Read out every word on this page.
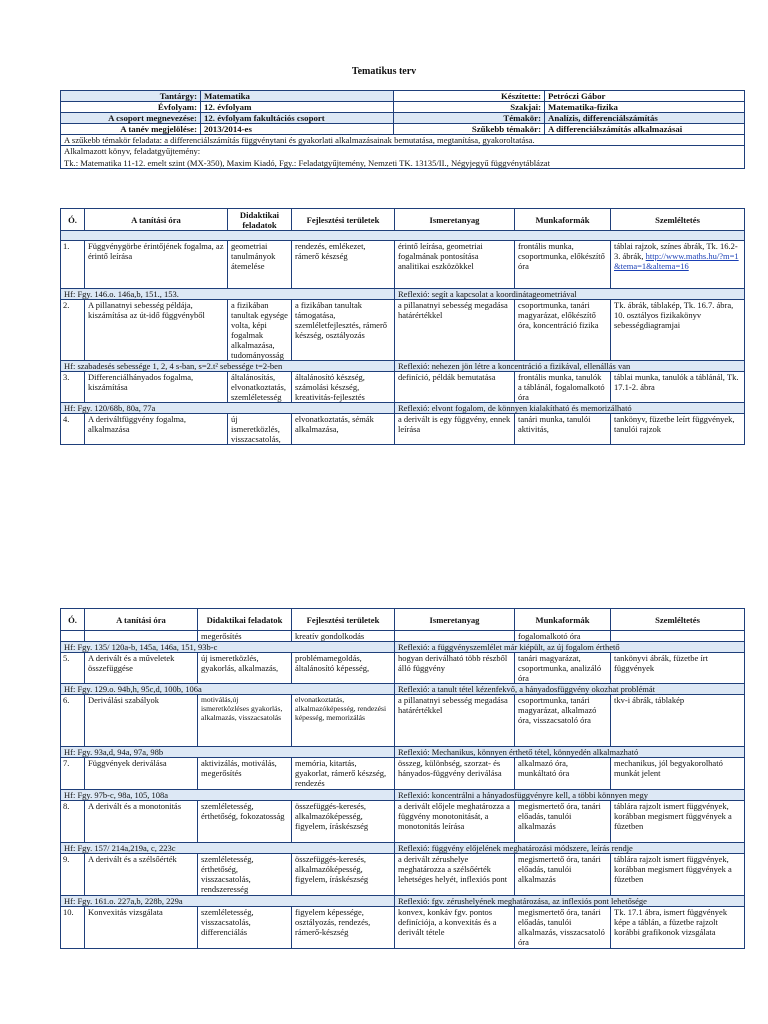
Tematikus terv
Tantárgy:	Matematika	Készítette:	Petróczi Gábor
Évfolyam:	12. évfolyam	Szakjai:	Matematika-fizika
A csoport megnevezése:	12. évfolyam fakultációs csoport	Témakör:	Analízis, differenciálszámítás
A tanév megjelölése:	2013/2014-es	Szűkebb témakör:	A differenciálszámítás alkalmazásai
A szűkebb témakör feladata: a differenciálszámítás függvénytani és gyakorlati alkalmazásainak bemutatása, megtanítása, gyakoroltatása.			

Alkalmazott könyv, feladatgyűjtemény:
Tk.: Matematika 11-12. emelt szint (MX-350), Maxim Kiadó, Fgy.: Feladatgyűjtemény, Nemzeti TK. 13135/II., Négyjegyű függvénytáblázat			
Ó.	A tanítási óra	Didaktikai feladatok	Fejlesztési területek	Ismeretanyag	Munkaformák	Szemléltetés

1.	Függvénygörbe érintőjének fogalma, az érintő leírása	geometriai tanulmányok átemelése	rendezés, emlékezet, rámerő készség	érintő leírása, geometriai fogalmának pontosítása analitikai eszközökkel	frontális munka, csoportmunka, előkészítő óra	táblai rajzok, színes ábrák, Tk. 16.2-3. ábrák, http://www.maths.hu/?m=1&tema=1&altema=16
Hf: Fgy. 146.o. 146a,b, 151., 153.				Reflexió: segít a kapcsolat a koordinátageometriával		
2.	A pillanatnyi sebesség példája, kiszámítása az út-idő függvényből	a fizikában tanultak egysége volta, képi fogalmak alkalmazása, tudományosság	a fizikában tanultak támogatása, szemléletfejlesztés, rámerő készség, osztályozás	a pillanatnyi sebesség megadása határértékkel	csoportmunka, tanári magyarázat, előkészítő óra, koncentráció fizika	Tk. ábrák, táblakép, Tk. 16.7. ábra, 10. osztályos fizikakönyv sebességdiagramjai
Hf: szabadesés sebessége 1, 2, 4 s-ban, s=2.t² sebessége t=2-ben				Reflexió: nehezen jön létre a koncentráció a fizikával, ellenállás van		
3.	Differenciálhányados fogalma, kiszámítása	általánosítás, elvonatkoztatás, szemléletesség	általánosító készség, számolási készség, kreativitás-fejlesztés	definíció, példák bemutatása	frontális munka, tanulók a táblánál, fogalomalkotó óra	táblai munka, tanulók a táblánál, Tk. 17.1-2. ábra
Hf: Fgy. 120/68b, 80a, 77a				Reflexió: elvont fogalom, de könnyen kialakítható és memorizálható		
4.	A deriváltfüggvény fogalma, alkalmazása	új ismeretközlés, visszacsatolás,	elvonatkoztatás, sémák alkalmazása,	a derivált is egy függvény, ennek leírása	tanári munka, tanulói aktivitás,	tankönyv, füzetbe leírt függvények, tanulói rajzok
Ó.	A tanítási óra	Didaktikai feladatok	Fejlesztési területek	Ismeretanyag	Munkaformák	Szemléltetés
		megerősítés	kreatív gondolkodás		fogalomalkotó óra	
Hf: Fgy. 135/ 120a-b, 145a, 146a, 151, 93b-c				Reflexió: a függvényszemlélet már kiépült, az új fogalom érthető		
5.	A derivált és a műveletek összefüggése	új ismeretközlés, gyakorlás, alkalmazás,	problémamegoldás, általánosító képesség,	hogyan deriválható több részből álló függvény	tanári magyarázat, csoportmunka, analizáló óra	tankönyvi ábrák, füzetbe írt függvények
Hf: Fgy. 129.o. 94b,h, 95c,d, 100b, 106a				Reflexió: a tanult tétel kézenfekvő, a hányadosfüggvény okozhat problémát		
6.	Deriválási szabályok	motiválás,új ismeretközléses gyakorlás, alkalmazás, visszacsatolás	elvonatkoztatás, alkalmazóképesség, rendezési képesség, memorizálás	a pillanatnyi sebesség megadása határértékkel	csoportmunka, tanári magyarázat, alkalmazó óra, visszacsatoló óra	tkv-i ábrák, táblakép
Hf: Fgy. 93a,d, 94a, 97a, 98b				Reflexió: Mechanikus, könnyen érthető tétel, könnyedén alkalmazható		
7.	Függvények deriválása	aktivizálás, motiválás, megerősítés	memória, kitartás, gyakorlat, rámerő készség, rendezés	összeg, különbség, szorzat- és hányados-függvény deriválása	alkalmazó óra, munkáltató óra	mechanikus, jól begyakorolható munkát jelent
Hf: Fgy. 97b-c, 98a, 105, 108a				Reflexió: koncentrálni a hányadosfüggvényre kell, a többi könnyen megy		
8.	A derivált és a monotonitás	szemléletesség, érthetőség, fokozatosság	összefüggés-keresés, alkalmazóképesség, figyelem, íráskészség	a derivált előjele meghatározza a függvény monotonitását, a monotonitás leírása	megismertető óra, tanári előadás, tanulói alkalmazás	táblára rajzolt ismert függvények, korábban megismert függvények a füzetben
Hf: Fgy. 157/ 214a,219a, c, 223c				Reflexió: függvény előjelének meghatározási módszere, leírás rendje		
9.	A derivált és a szélsőérték	szemléletesség, érthetőség, visszacsatolás, rendszeresség	összefüggés-keresés, alkalmazóképesség, figyelem, íráskészség	a derivált zérushelye meghatározza a szélsőérték lehetséges helyét, inflexiós pont	megismertető óra, tanári előadás, tanulói alkalmazás	táblára rajzolt ismert függvények, korábban megismert függvények a füzetben
Hf: Fgy. 161.o. 227a,b, 228b, 229a				Reflexió: fgv. zérushelyének meghatározása, az inflexiós pont lehetősége		
10.	Konvexitás vizsgálata	szemléletesség, visszacsatolás, differenciálás	figyelem képessége, osztályozás, rendezés, rámerő-készség	konvex, konkáv fgv. pontos definíciója, a konvexitás és a derivált tétele	megismertető óra, tanári előadás, tanulói alkalmazás, visszacsatoló óra	Tk. 17.1 ábra, ismert függvények képe a táblán, a füzetbe rajzolt korábbi grafikonok vizsgálata
